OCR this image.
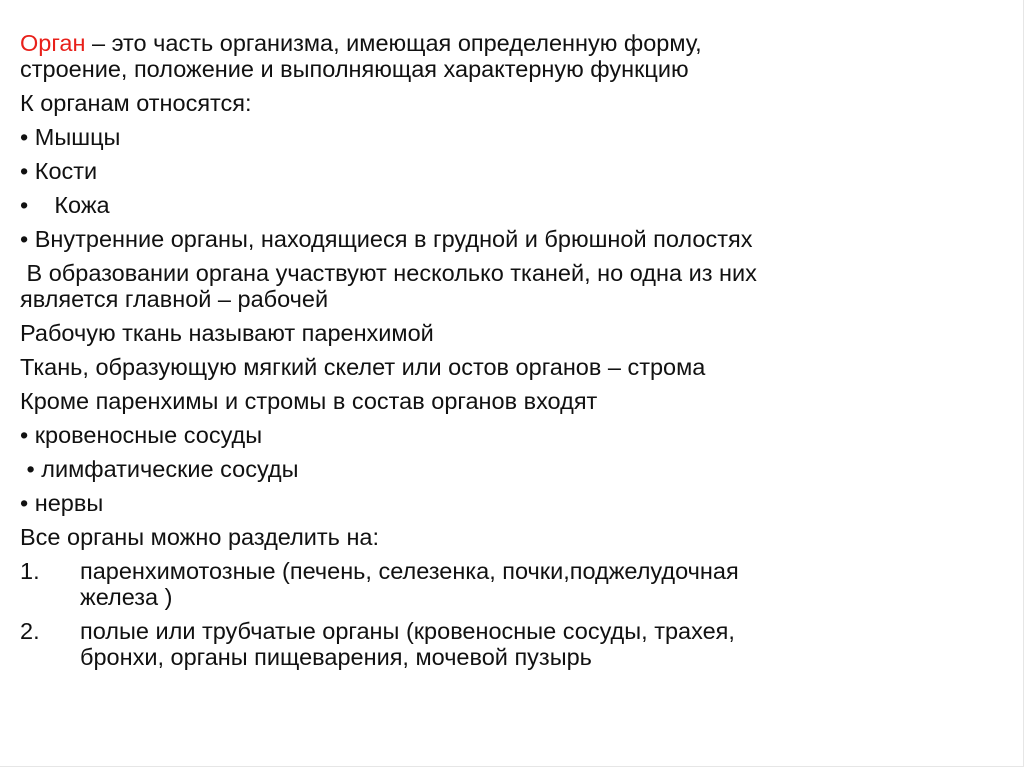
Орган – это часть организма, имеющая определенную форму,
строение, положение и выполняющая характерную функцию
К органам относятся:
• Мышцы
• Кости
•    Кожа
• Внутренние органы, находящиеся в грудной и брюшной полостях
В образовании органа участвуют несколько тканей, но одна из них
является главной – рабочей
Рабочую ткань называют паренхимой
Ткань, образующую мягкий скелет или остов органов – строма
Кроме паренхимы и стромы в состав органов входят
• кровеносные сосуды
• лимфатические сосуды
• нервы
Все органы можно разделить на:
1. паренхимотозные (печень, селезенка, почки,поджелудочная
железа )
2. полые или трубчатые органы (кровеносные сосуды, трахея,
бронхи, органы пищеварения, мочевой пузырь
